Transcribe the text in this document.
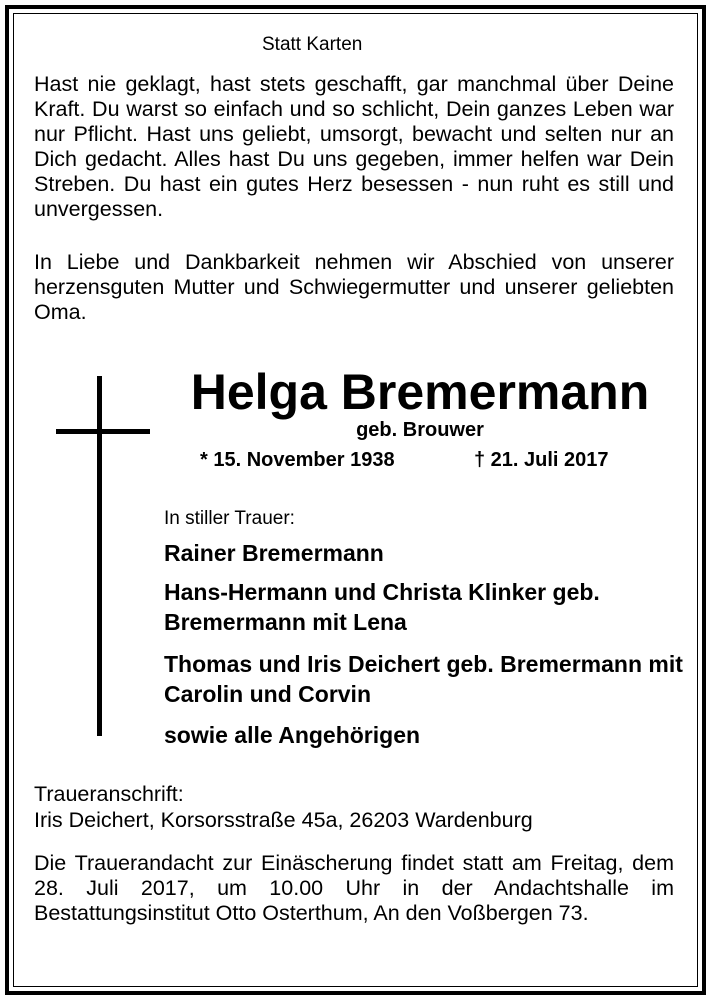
Statt Karten

Hast nie geklagt, hast stets geschafft, gar manchmal über Deine Kraft. Du warst so einfach und so schlicht, Dein ganzes Leben war nur Pflicht. Hast uns geliebt, umsorgt, bewacht und selten nur an Dich gedacht. Alles hast Du uns gegeben, immer helfen war Dein Streben. Du hast ein gutes Herz besessen - nun ruht es still und unvergessen.

In Liebe und Dankbarkeit nehmen wir Abschied von unserer herzensguten Mutter und Schwiegermutter und unserer geliebten Oma.

Helga Bremermann

geb. Brouwer

* 15. November 1938	† 21. Juli 2017

In stiller Trauer:

Rainer Bremermann

Hans-Hermann und Christa Klinker geb. Bremermann mit Lena

Thomas und Iris Deichert geb. Bremermann mit Carolin und Corvin

sowie alle Angehörigen

Traueranschrift:

Iris Deichert, Korsorsstraße 45a, 26203 Wardenburg

Die Trauerandacht zur Einäscherung findet statt am Freitag, dem 28. Juli 2017, um 10.00 Uhr in der Andachtshalle im Bestattungsinstitut Otto Osterthum, An den Voßbergen 73.
